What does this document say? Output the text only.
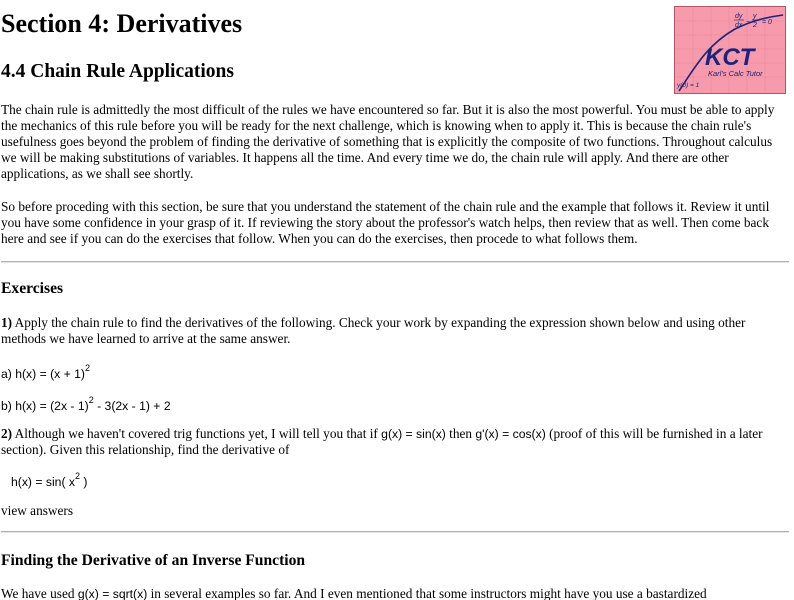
Section 4: Derivatives
4.4 Chain Rule Applications
dy
dx −
y
2 = 0
KCT
Karl's Calc Tutor
y(0) = 1

The chain rule is admittedly the most difficult of the rules we have encountered so far. But it is also the most powerful. You must be able to apply the mechanics of this rule before you will be ready for the next challenge, which is knowing when to apply it. This is because the chain rule's usefulness goes beyond the problem of finding the derivative of something that is explicitly the composite of two functions. Throughout calculus we will be making substitutions of variables. It happens all the time. And every time we do, the chain rule will apply. And there are other applications, as we shall see shortly.

So before proceding with this section, be sure that you understand the statement of the chain rule and the example that follows it. Review it until you have some confidence in your grasp of it. If reviewing the story about the professor's watch helps, then review that as well. Then come back here and see if you can do the exercises that follow. When you can do the exercises, then procede to what follows them.

Exercises

1) Apply the chain rule to find the derivatives of the following. Check your work by expanding the expression shown below and using other methods we have learned to arrive at the same answer.

a) $h(x) = (x + 1)^2$

b) h(x) = (2x - 1)$^2$ - 3(2x - 1) + 2

2) Although we haven't covered trig functions yet, I will tell you that if g(x) = sin(x) then g'(x) = cos(x) (proof of this will be furnished in a later section). Given this relationship, find the derivative of

h(x) = sin( $x^2$ )

view answers

Finding the Derivative of an Inverse Function

We have used g(x) = sqrt(x) in several examples so far. And I even mentioned that some instructors might have you use a bastardized
